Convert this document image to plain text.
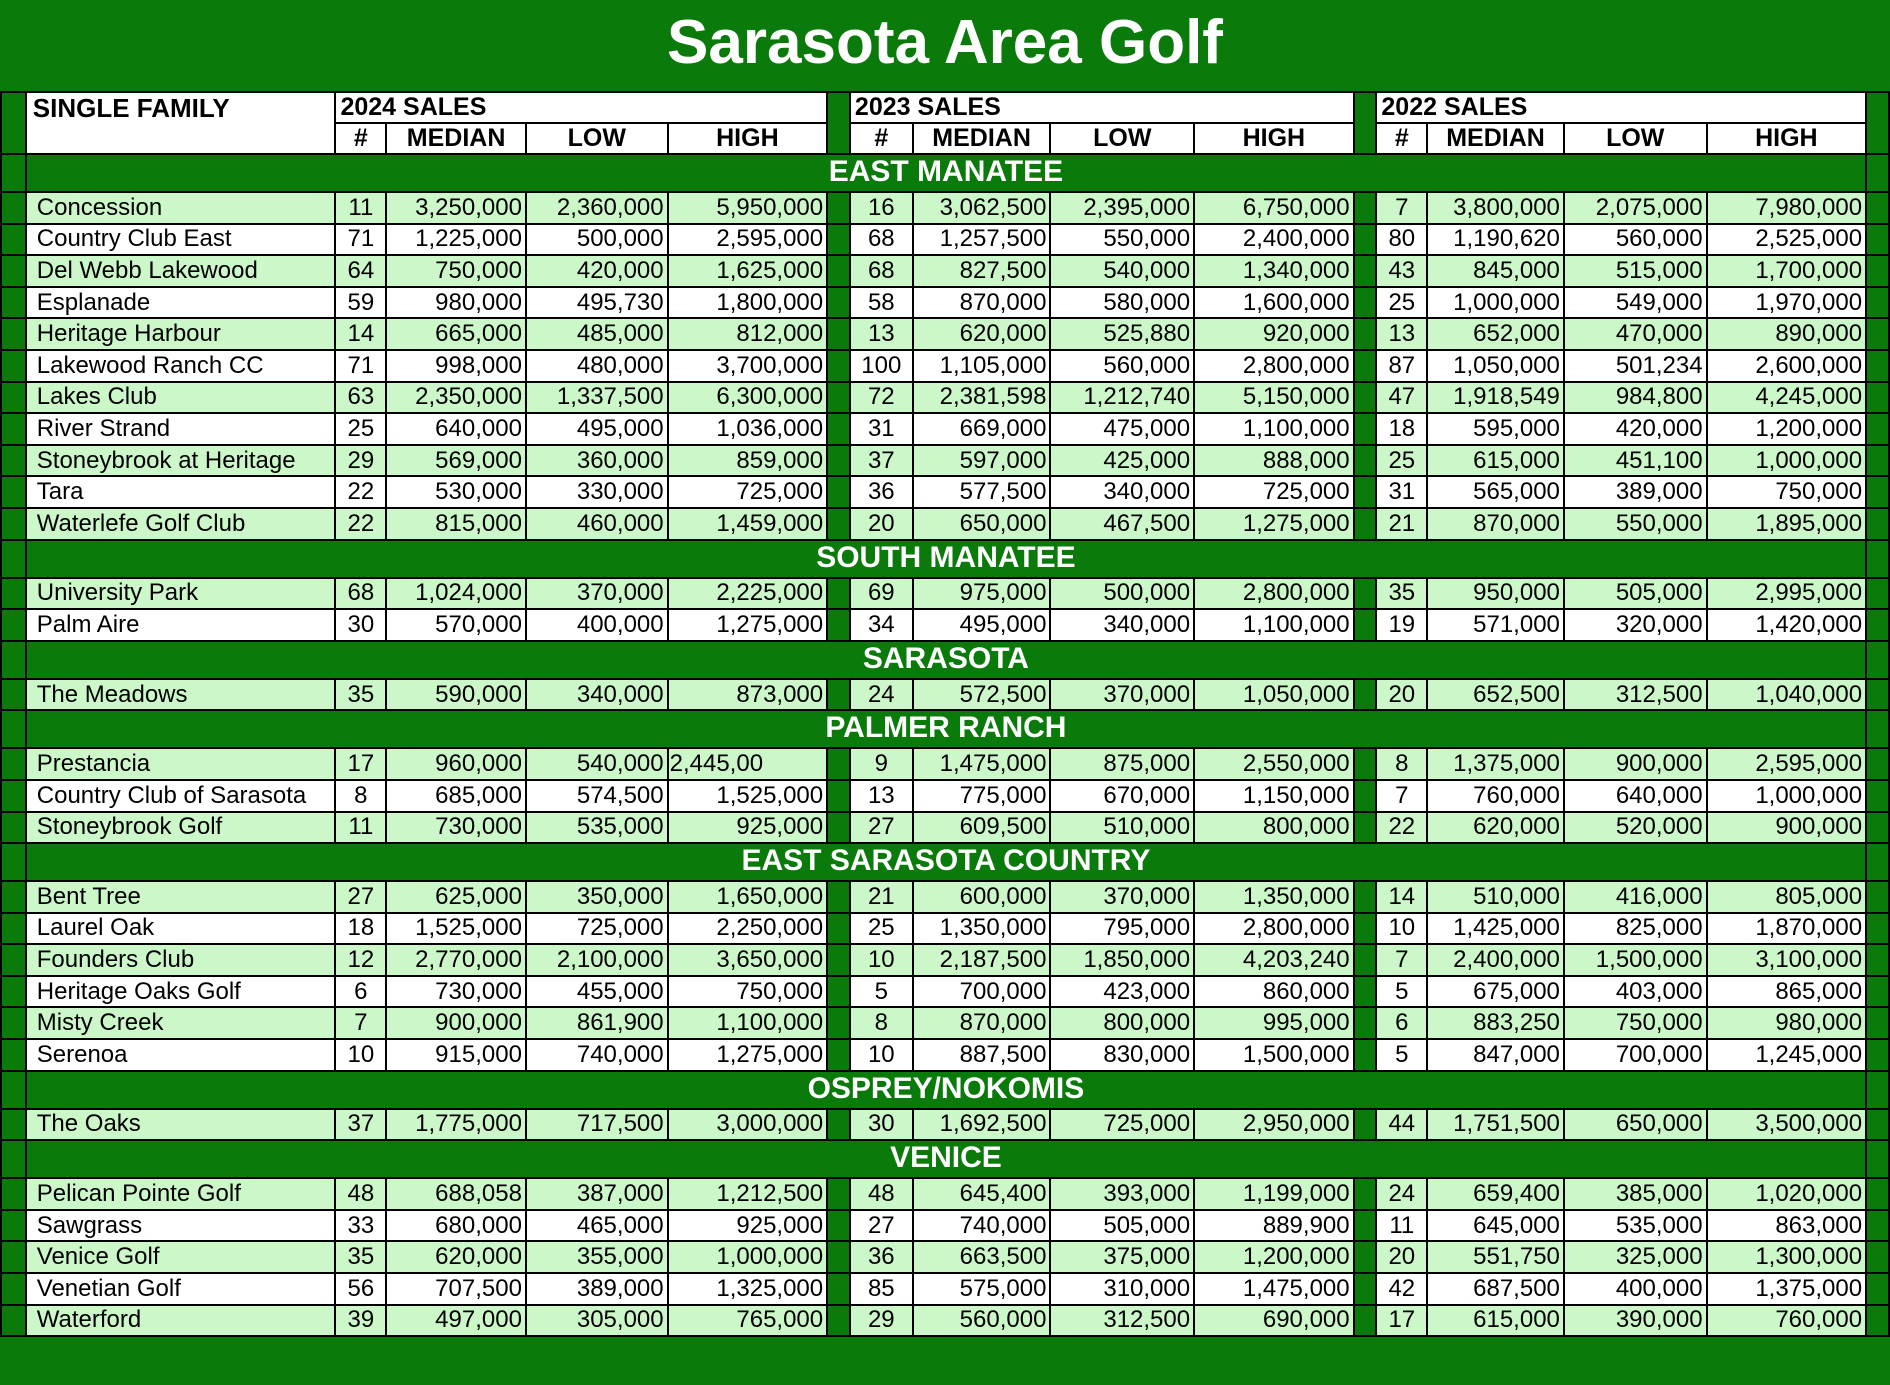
Sarasota Area Golf
	SINGLE FAMILY	2024 SALES					2023 SALES					2022 SALES				
		#	MEDIAN	LOW	HIGH		#	MEDIAN	LOW	HIGH		#	MEDIAN	LOW	HIGH	
	EAST MANATEE															

	Concession	11	3,250,000	2,360,000	5,950,000		16	3,062,500	2,395,000	6,750,000		7	3,800,000	2,075,000	7,980,000	
	Country Club East	71	1,225,000	500,000	2,595,000		68	1,257,500	550,000	2,400,000		80	1,190,620	560,000	2,525,000	
	Del Webb Lakewood	64	750,000	420,000	1,625,000		68	827,500	540,000	1,340,000		43	845,000	515,000	1,700,000	
	Esplanade	59	980,000	495,730	1,800,000		58	870,000	580,000	1,600,000		25	1,000,000	549,000	1,970,000	
	Heritage Harbour	14	665,000	485,000	812,000		13	620,000	525,880	920,000		13	652,000	470,000	890,000	
	Lakewood Ranch CC	71	998,000	480,000	3,700,000		100	1,105,000	560,000	2,800,000		87	1,050,000	501,234	2,600,000	
	Lakes Club	63	2,350,000	1,337,500	6,300,000		72	2,381,598	1,212,740	5,150,000		47	1,918,549	984,800	4,245,000	
	River Strand	25	640,000	495,000	1,036,000		31	669,000	475,000	1,100,000		18	595,000	420,000	1,200,000	
	Stoneybrook at Heritage	29	569,000	360,000	859,000		37	597,000	425,000	888,000		25	615,000	451,100	1,000,000	
	Tara	22	530,000	330,000	725,000		36	577,500	340,000	725,000		31	565,000	389,000	750,000	
	Waterlefe Golf Club	22	815,000	460,000	1,459,000		20	650,000	467,500	1,275,000		21	870,000	550,000	1,895,000	
	SOUTH MANATEE															

	University Park	68	1,024,000	370,000	2,225,000		69	975,000	500,000	2,800,000		35	950,000	505,000	2,995,000	
	Palm Aire	30	570,000	400,000	1,275,000		34	495,000	340,000	1,100,000		19	571,000	320,000	1,420,000	
	SARASOTA															

	The Meadows	35	590,000	340,000	873,000		24	572,500	370,000	1,050,000		20	652,500	312,500	1,040,000	
	PALMER RANCH															

	Prestancia	17	960,000	540,000	2,445,00		9	1,475,000	875,000	2,550,000		8	1,375,000	900,000	2,595,000	
	Country Club of Sarasota	8	685,000	574,500	1,525,000		13	775,000	670,000	1,150,000		7	760,000	640,000	1,000,000	
	Stoneybrook Golf	11	730,000	535,000	925,000		27	609,500	510,000	800,000		22	620,000	520,000	900,000	
	EAST SARASOTA COUNTRY															

	Bent Tree	27	625,000	350,000	1,650,000		21	600,000	370,000	1,350,000		14	510,000	416,000	805,000	
	Laurel Oak	18	1,525,000	725,000	2,250,000		25	1,350,000	795,000	2,800,000		10	1,425,000	825,000	1,870,000	
	Founders Club	12	2,770,000	2,100,000	3,650,000		10	2,187,500	1,850,000	4,203,240		7	2,400,000	1,500,000	3,100,000	
	Heritage Oaks Golf	6	730,000	455,000	750,000		5	700,000	423,000	860,000		5	675,000	403,000	865,000	
	Misty Creek	7	900,000	861,900	1,100,000		8	870,000	800,000	995,000		6	883,250	750,000	980,000	
	Serenoa	10	915,000	740,000	1,275,000		10	887,500	830,000	1,500,000		5	847,000	700,000	1,245,000	
	OSPREY/NOKOMIS															

	The Oaks	37	1,775,000	717,500	3,000,000		30	1,692,500	725,000	2,950,000		44	1,751,500	650,000	3,500,000	
	VENICE															

	Pelican Pointe Golf	48	688,058	387,000	1,212,500		48	645,400	393,000	1,199,000		24	659,400	385,000	1,020,000	
	Sawgrass	33	680,000	465,000	925,000		27	740,000	505,000	889,900		11	645,000	535,000	863,000	
	Venice Golf	35	620,000	355,000	1,000,000		36	663,500	375,000	1,200,000		20	551,750	325,000	1,300,000	
	Venetian Golf	56	707,500	389,000	1,325,000		85	575,000	310,000	1,475,000		42	687,500	400,000	1,375,000	
	Waterford	39	497,000	305,000	765,000		29	560,000	312,500	690,000		17	615,000	390,000	760,000	
